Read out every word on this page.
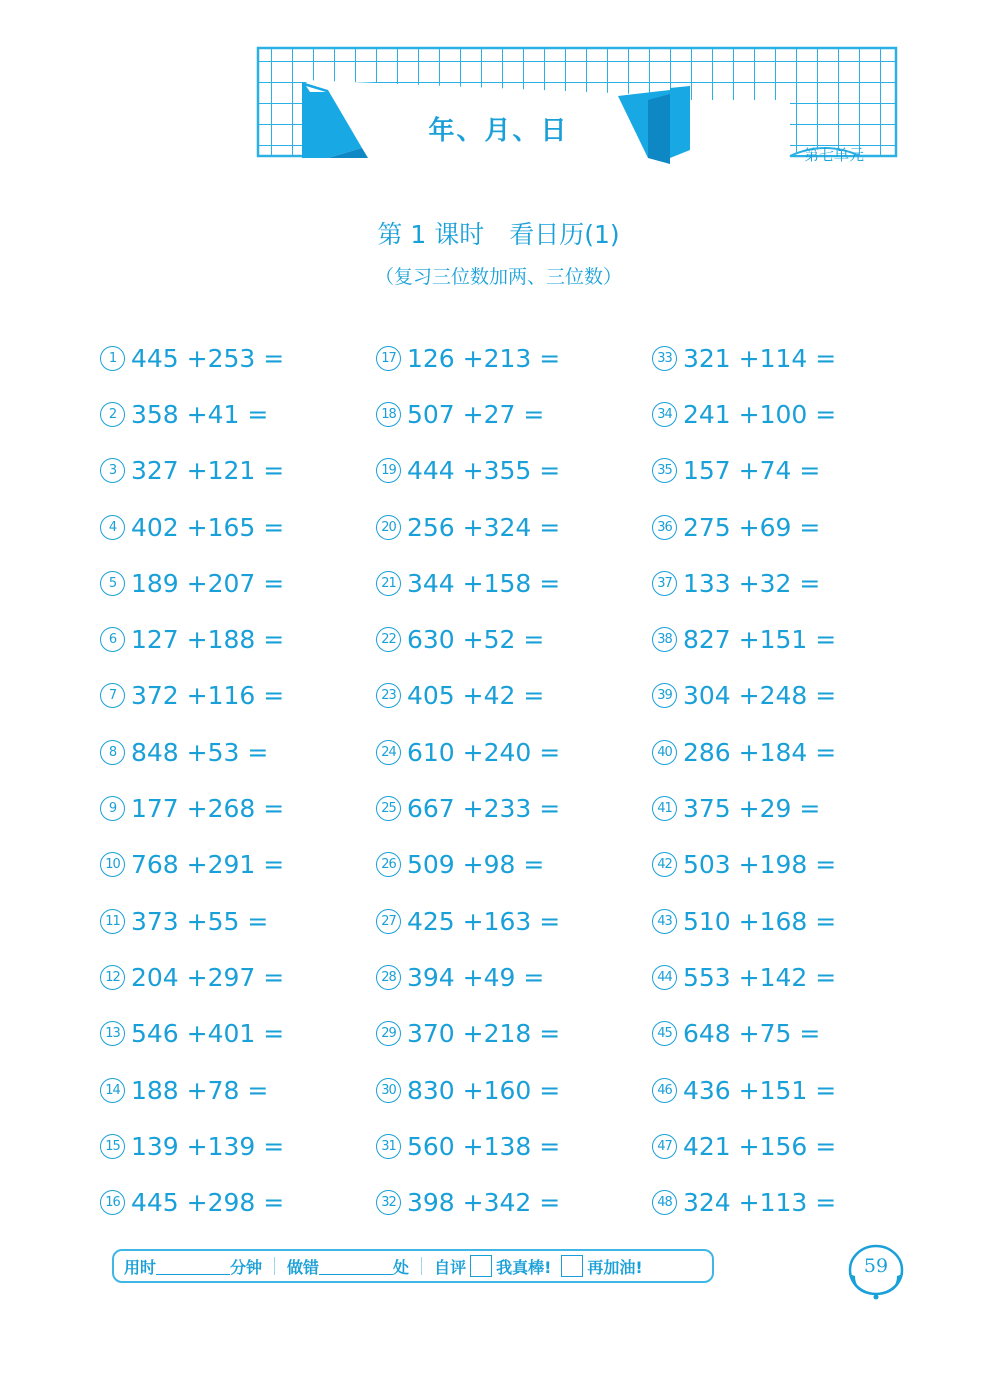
年、月、日
第七单元
第 1 课时　看日历(1)
（复习三位数加两、三位数）
1 445 +253 =	17 126 +213 =	33 321 +114 =
2 358 +41 =	18 507 +27 =	34 241 +100 =
3 327 +121 =	19 444 +355 =	35 157 +74 =
4 402 +165 =	20 256 +324 =	36 275 +69 =
5 189 +207 =	21 344 +158 =	37 133 +32 =
6 127 +188 =	22 630 +52 =	38 827 +151 =
7 372 +116 =	23 405 +42 =	39 304 +248 =
8 848 +53 =	24 610 +240 =	40 286 +184 =
9 177 +268 =	25 667 +233 =	41 375 +29 =
10 768 +291 =	26 509 +98 =	42 503 +198 =
11 373 +55 =	27 425 +163 =	43 510 +168 =
12 204 +297 =	28 394 +49 =	44 553 +142 =
13 546 +401 =	29 370 +218 =	45 648 +75 =
14 188 +78 =	30 830 +160 =	46 436 +151 =
15 139 +139 =	31 560 +138 =	47 421 +156 =
16 445 +298 =	32 398 +342 =	48 324 +113 =
用时	分钟 做错	处 自评 我真棒! 再加油!	59
